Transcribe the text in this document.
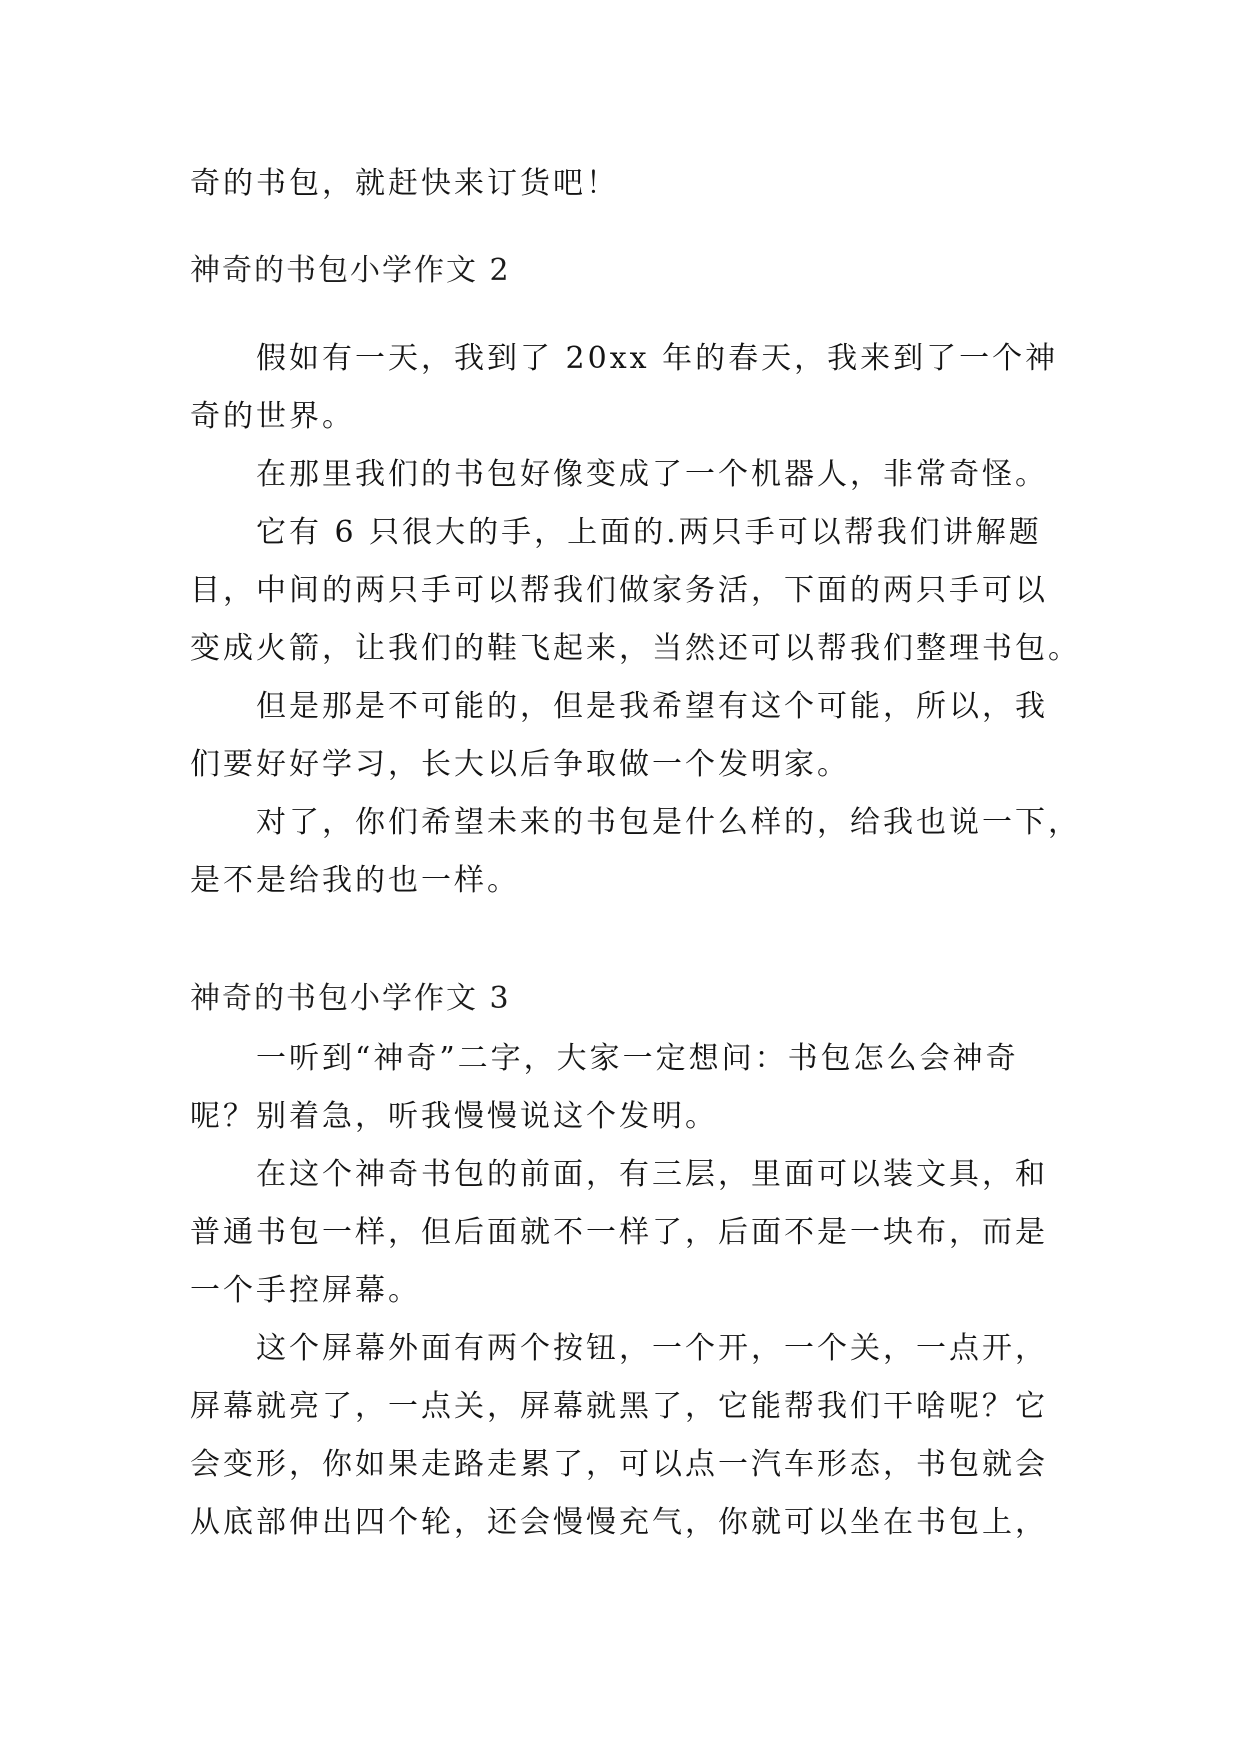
奇的书包，就赶快来订货吧！
神奇的书包小学作文 2
假如有一天，我到了 20xx 年的春天，我来到了一个神
奇的世界。
在那里我们的书包好像变成了一个机器人，非常奇怪。
它有 6 只很大的手，上面的.两只手可以帮我们讲解题
目，中间的两只手可以帮我们做家务活，下面的两只手可以
变成火箭，让我们的鞋飞起来，当然还可以帮我们整理书包。
但是那是不可能的，但是我希望有这个可能，所以，我
们要好好学习，长大以后争取做一个发明家。
对了，你们希望未来的书包是什么样的，给我也说一下，
是不是给我的也一样。
神奇的书包小学作文 3
一听到“神奇”二字，大家一定想问：书包怎么会神奇
呢？别着急，听我慢慢说这个发明。
在这个神奇书包的前面，有三层，里面可以装文具，和
普通书包一样，但后面就不一样了，后面不是一块布，而是
一个手控屏幕。
这个屏幕外面有两个按钮，一个开，一个关，一点开，
屏幕就亮了，一点关，屏幕就黑了，它能帮我们干啥呢？它
会变形，你如果走路走累了，可以点一汽车形态，书包就会
从底部伸出四个轮，还会慢慢充气，你就可以坐在书包上，
